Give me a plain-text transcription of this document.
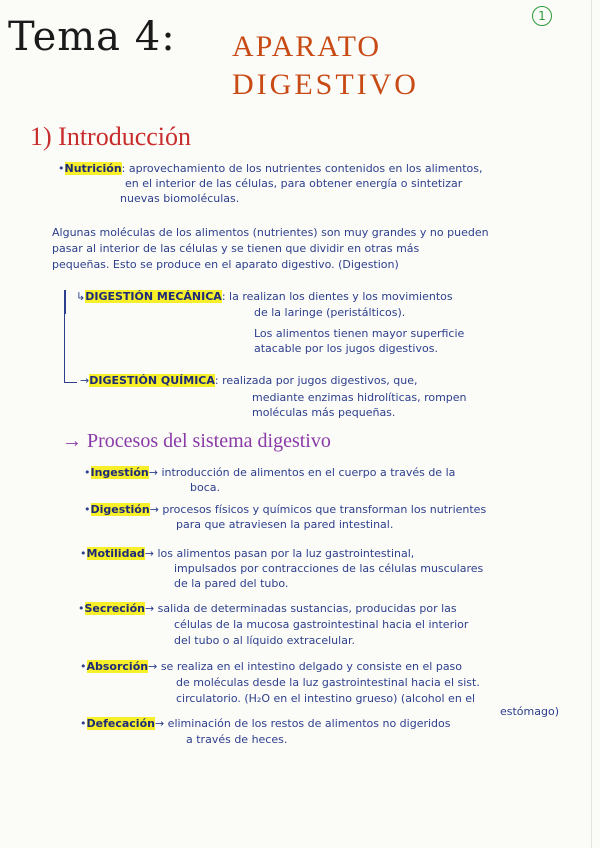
1
Tema 4: APARATO
DIGESTIVO
1) Introducción
•Nutrición: aprovechamiento de los nutrientes contenidos en los alimentos,
en el interior de las células, para obtener energía o sintetizar
nuevas biomoléculas.
Algunas moléculas de los alimentos (nutrientes) son muy grandes y no pueden
pasar al interior de las células y se tienen que dividir en otras más
pequeñas. Esto se produce en el aparato digestivo. (Digestion)
↳DIGESTIÓN MECÁNICA: la realizan los dientes y los movimientos
de la laringe (peristálticos).
Los alimentos tienen mayor superficie
atacable por los jugos digestivos.
→DIGESTIÓN QUÍMICA: realizada por jugos digestivos, que,
mediante enzimas hidrolíticas, rompen
moléculas más pequeñas.
→ Procesos del sistema digestivo
•Ingestión→ introducción de alimentos en el cuerpo a través de la
boca.
•Digestión→ procesos físicos y químicos que transforman los nutrientes
para que atraviesen la pared intestinal.
•Motilidad→ los alimentos pasan por la luz gastrointestinal,
impulsados por contracciones de las células musculares
de la pared del tubo.
•Secreción→ salida de determinadas sustancias, producidas por las
células de la mucosa gastrointestinal hacia el interior
del tubo o al líquido extracelular.
•Absorción→ se realiza en el intestino delgado y consiste en el paso
de moléculas desde la luz gastrointestinal hacia el sist.
circulatorio. (H₂O en el intestino grueso) (alcohol en el
estómago)
•Defecación→ eliminación de los restos de alimentos no digeridos
a través de heces.
